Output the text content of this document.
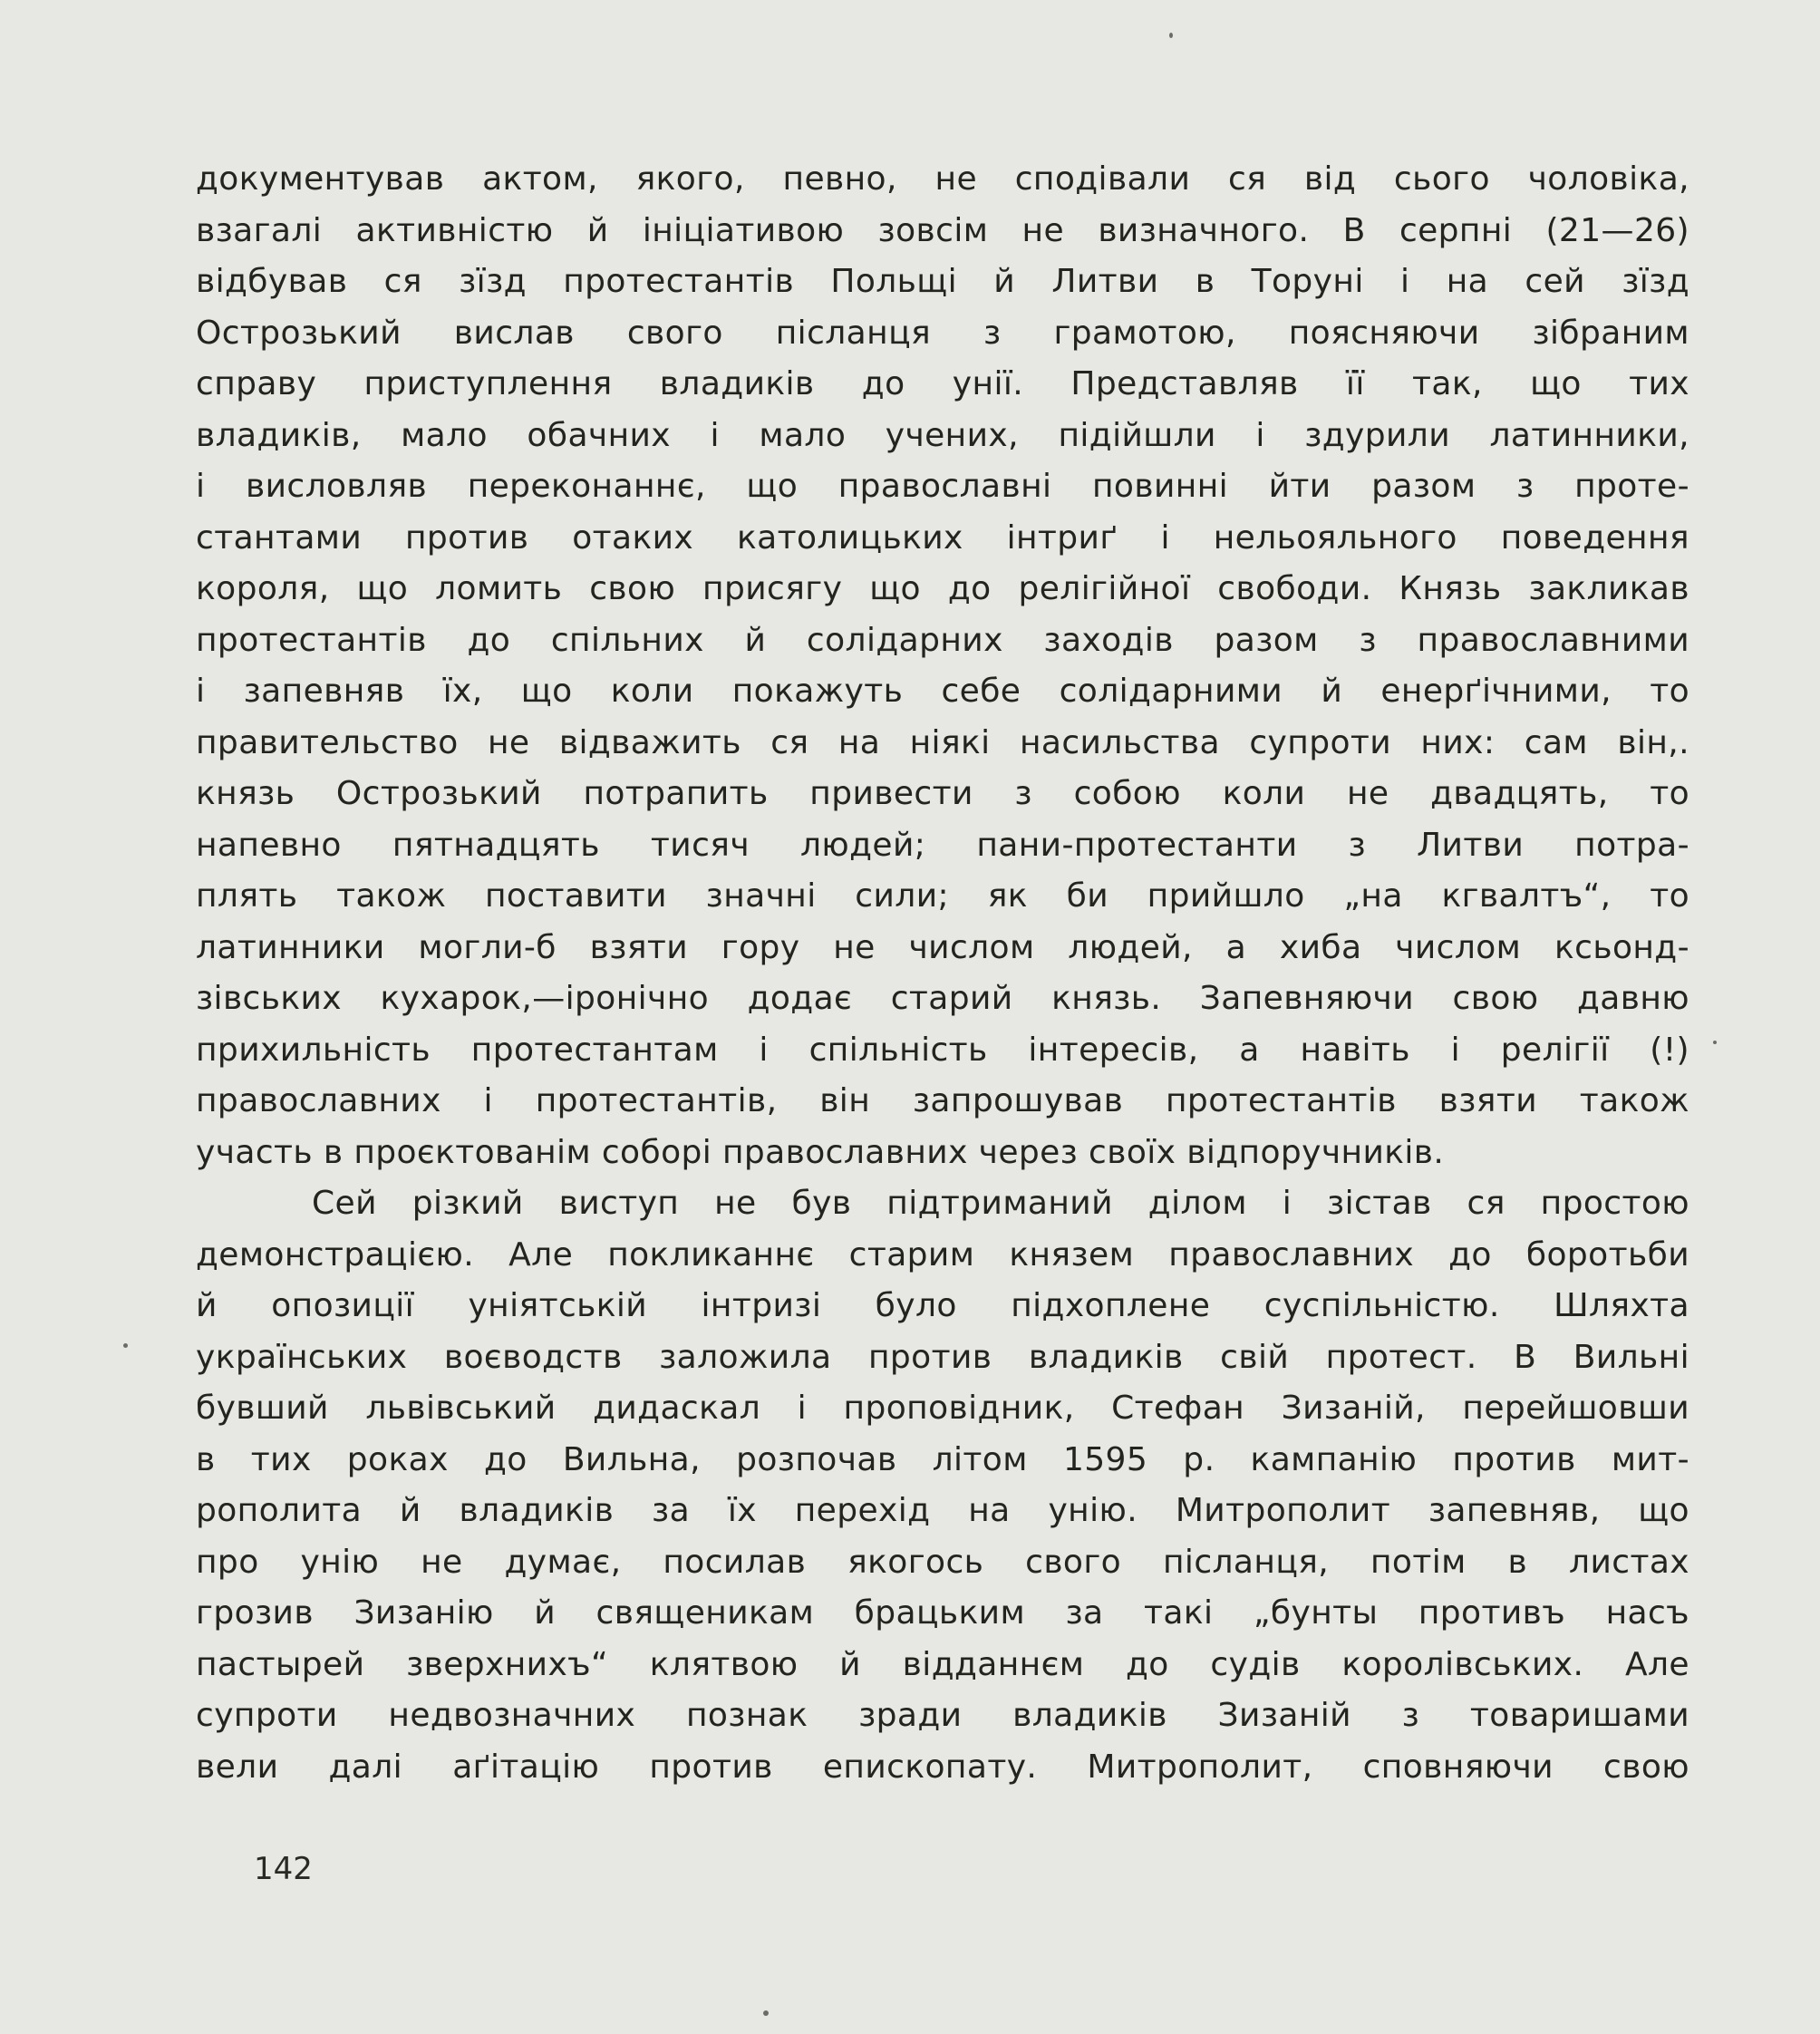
документував актом, якого, певно, не сподівали ся від сього чоловіка,
взагалі активністю й ініціативою зовсім не визначного. В серпні (21—26)
відбував ся зїзд протестантів Польщі й Литви в Торуні і на сей зїзд
Острозький вислав свого післанця з грамотою, поясняючи зібраним
справу приступлення владиків до унії. Представляв її так, що тих
владиків, мало обачних і мало учених, підійшли і здурили латинники,
і висловляв переконаннє, що православні повинні йти разом з проте-
стантами против отаких католицьких інтриґ і нельояльного поведення
короля, що ломить свою присягу що до релігійної свободи. Князь закликав
протестантів до спільних й солідарних заходів разом з православними
і запевняв їх, що коли покажуть себе солідарними й енерґічними, то
правительство не відважить ся на ніякі насильства супроти них: сам він,.
князь Острозький потрапить привести з собою коли не двадцять, то
напевно пятнадцять тисяч людей; пани-протестанти з Литви потра-
плять також поставити значні сили; як би прийшло „на кгвалтъ“, то
латинники могли-б взяти гору не числом людей, а хиба числом ксьонд-
зівських кухарок,—іронічно додає старий князь. Запевняючи свою давню
прихильність протестантам і спільність інтересів, а навіть і релігії (!)
православних і протестантів, він запрошував протестантів взяти також
участь в проєктованім соборі православних через своїх відпоручників.
Сей різкий виступ не був підтриманий ділом і зістав ся простою
демонстрацією. Але покликаннє старим князем православних до боротьби
й опозиції уніятській інтризі було підхоплене суспільністю. Шляхта
українських воєводств заложила против владиків свій протест. В Вильні
бувший львівський дидаскал і проповідник, Стефан Зизаній, перейшовши
в тих роках до Вильна, розпочав літом 1595 р. кампанію против мит-
рополита й владиків за їх перехід на унію. Митрополит запевняв, що
про унію не думає, посилав якогось свого післанця, потім в листах
грозив Зизанію й священикам брацьким за такі „бунты противъ насъ
пастырей зверхнихъ“ клятвою й відданнєм до судів королівських. Але
супроти недвозначних познак зради владиків Зизаній з товаришами
вели далі аґітацію против епископату. Митрополит, сповняючи свою
142
